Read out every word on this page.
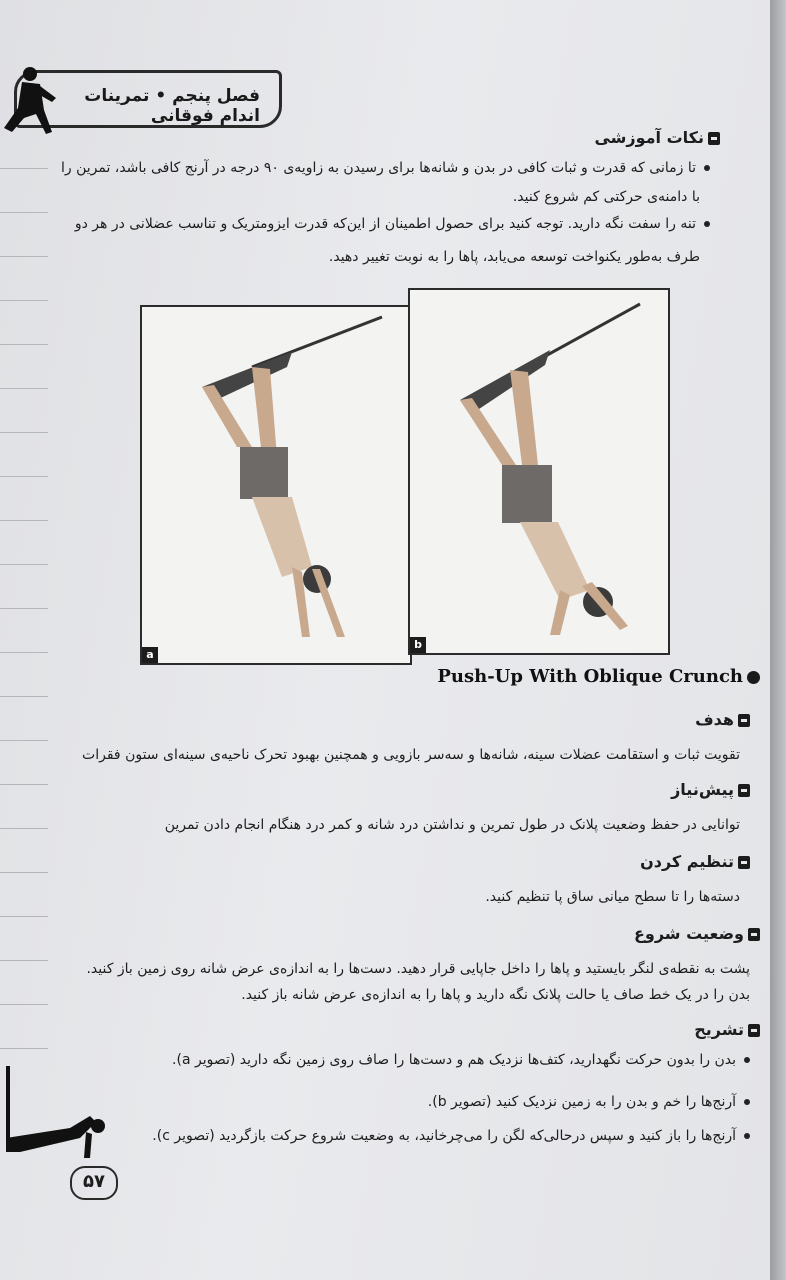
فصل پنجم • تمرینات اندام فوقانی
نکات آموزشی
تا زمانی که قدرت و ثبات کافی در بدن و شانه‌ها برای رسیدن به زاویه‌ی ۹۰ درجه در آرنج کافی باشد، تمرین را
با دامنه‌ی حرکتی کم شروع کنید.
تنه را سفت نگه دارید. توجه کنید برای حصول اطمینان از این‌که قدرت ایزومتریک و تناسب عضلانی در هر دو
طرف به‌طور یکنواخت توسعه می‌یابد، پاها را به نوبت تغییر دهید.
a
b
Push-Up With Oblique Crunch
هدف
تقویت ثبات و استقامت عضلات سینه، شانه‌ها و سه‌سر بازویی و همچنین بهبود تحرک ناحیه‌ی سینه‌ای ستون فقرات
پیش‌نیاز
توانایی در حفظ وضعیت پلانک در طول تمرین و نداشتن درد شانه و کمر درد هنگام انجام دادن تمرین
تنظیم کردن
دسته‌ها را تا سطح میانی ساق پا تنظیم کنید.
وضعیت شروع
پشت به نقطه‌ی لنگر بایستید و پاها را داخل جاپایی قرار دهید. دست‌ها را به اندازه‌ی عرض شانه روی زمین باز کنید.
بدن را در یک خط صاف یا حالت پلانک نگه دارید و پاها را به اندازه‌ی عرض شانه باز کنید.
تشریح
بدن را بدون حرکت نگهدارید، کتف‌ها نزدیک هم و دست‌ها را صاف روی زمین نگه دارید (تصویر a).
آرنج‌ها را خم و بدن را به زمین نزدیک کنید (تصویر b).
آرنج‌ها را باز کنید و سپس درحالی‌که لگن را می‌چرخانید، به وضعیت شروع حرکت بازگردید (تصویر c).
۵۷
